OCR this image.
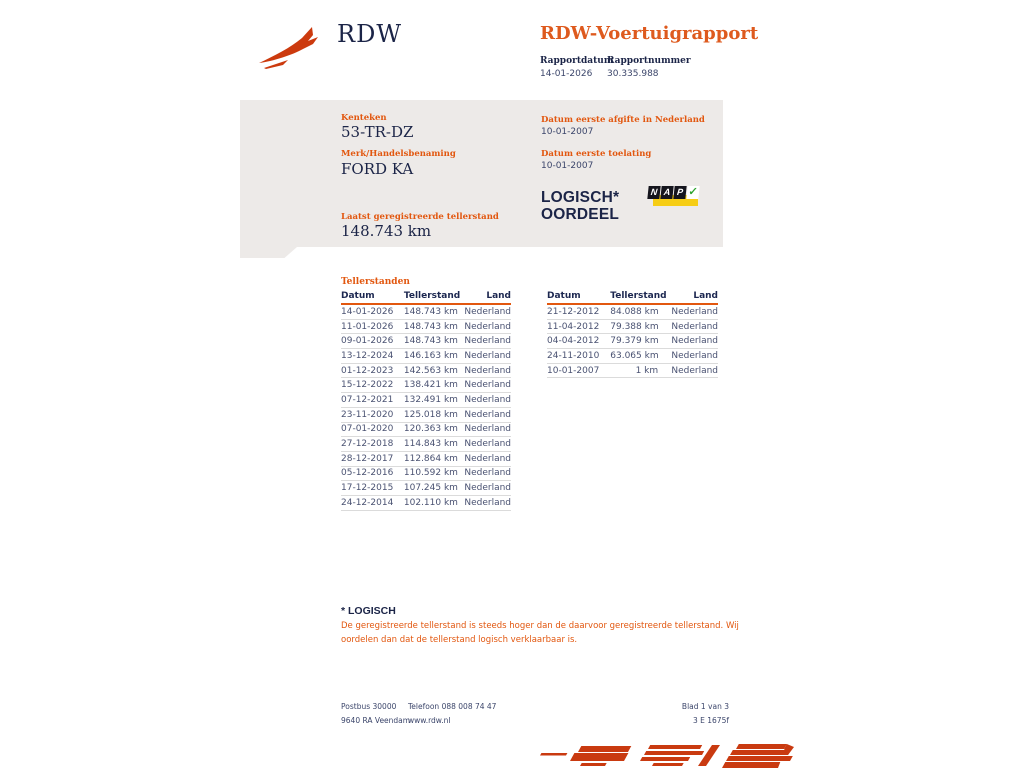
RDW	RDW-Voertuigrapport
Rapportdatum
14-01-2026
Rapportnummer
30.335.988
Kenteken
53-TR-DZ
Merk/Handelsbenaming
FORD KA
Laatst geregistreerde tellerstand
148.743 km
Datum eerste afgifte in Nederland
10-01-2007
Datum eerste toelating
10-01-2007
LOGISCH*
OORDEEL
N A P ✓
Tellerstanden
Datum	Tellerstand	Land
14-01-2026	148.743 km Nederland
11-01-2026	148.743 km Nederland
09-01-2026	148.743 km Nederland
13-12-2024	146.163 km Nederland
01-12-2023	142.563 km Nederland
15-12-2022	138.421 km Nederland
07-12-2021	132.491 km Nederland
23-11-2020	125.018 km Nederland
07-01-2020	120.363 km Nederland
27-12-2018	114.843 km Nederland
28-12-2017	112.864 km Nederland
05-12-2016	110.592 km Nederland
17-12-2015	107.245 km Nederland
24-12-2014	102.110 km Nederland
Datum	Tellerstand	Land
21-12-2012	84.088 km	Nederland
11-04-2012	79.388 km	Nederland
04-04-2012	79.379 km	Nederland
24-11-2010	63.065 km	Nederland
10-01-2007	1 km	Nederland
* LOGISCH
De geregistreerde tellerstand is steeds hoger dan de daarvoor geregistreerde tellerstand. Wij oordelen dan dat de tellerstand logisch verklaarbaar is.
Postbus 30000
9640 RA Veendam
Telefoon 088 008 74 47
www.rdw.nl
Blad 1 van 3
3 E 1675f
